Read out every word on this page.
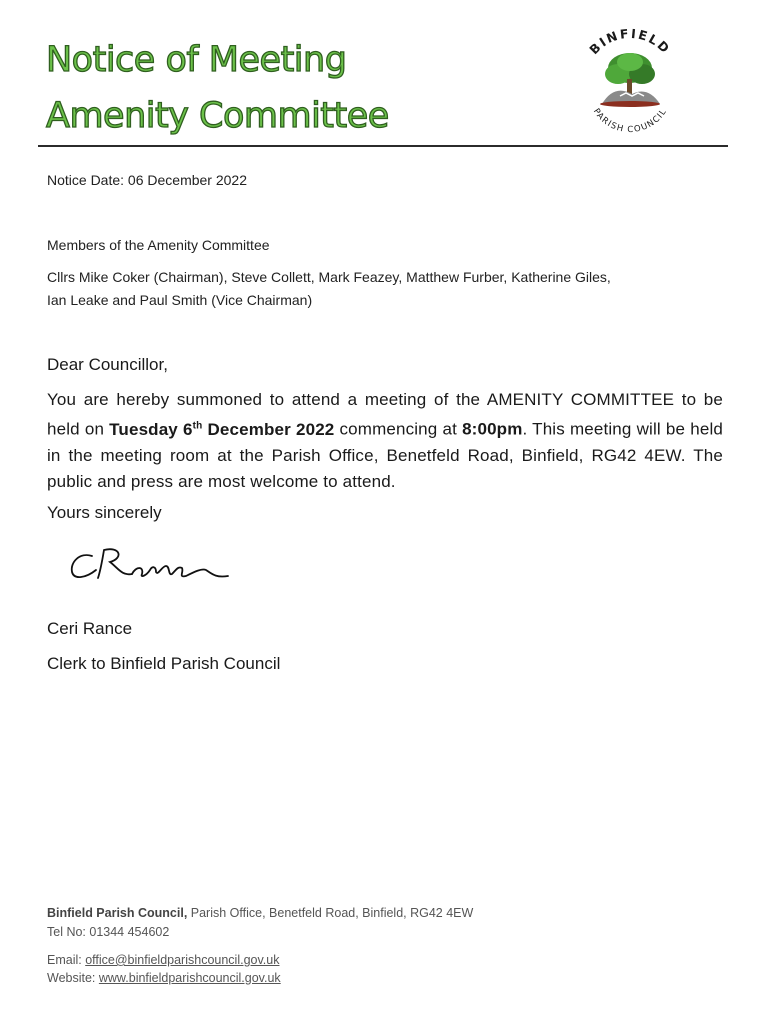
Notice of Meeting
Amenity Committee
BINFIELD
PARISH COUNCIL
Notice Date: 06 December 2022
Members of the Amenity Committee
Cllrs Mike Coker (Chairman), Steve Collett, Mark Feazey, Matthew Furber, Katherine Giles,
Ian Leake and Paul Smith (Vice Chairman)
Dear Councillor,
You are hereby summoned to attend a meeting of the AMENITY COMMITTEE to be held on Tuesday 6th December 2022 commencing at 8:00pm. This meeting will be held in the meeting room at the Parish Office, Benetfeld Road, Binfield, RG42 4EW. The public and press are most welcome to attend.
Yours sincerely
Ceri Rance
Clerk to Binfield Parish Council
Binfield Parish Council, Parish Office, Benetfeld Road, Binfield, RG42 4EW
Tel No: 01344 454602
Email: office@binfieldparishcouncil.gov.uk
Website: www.binfieldparishcouncil.gov.uk
